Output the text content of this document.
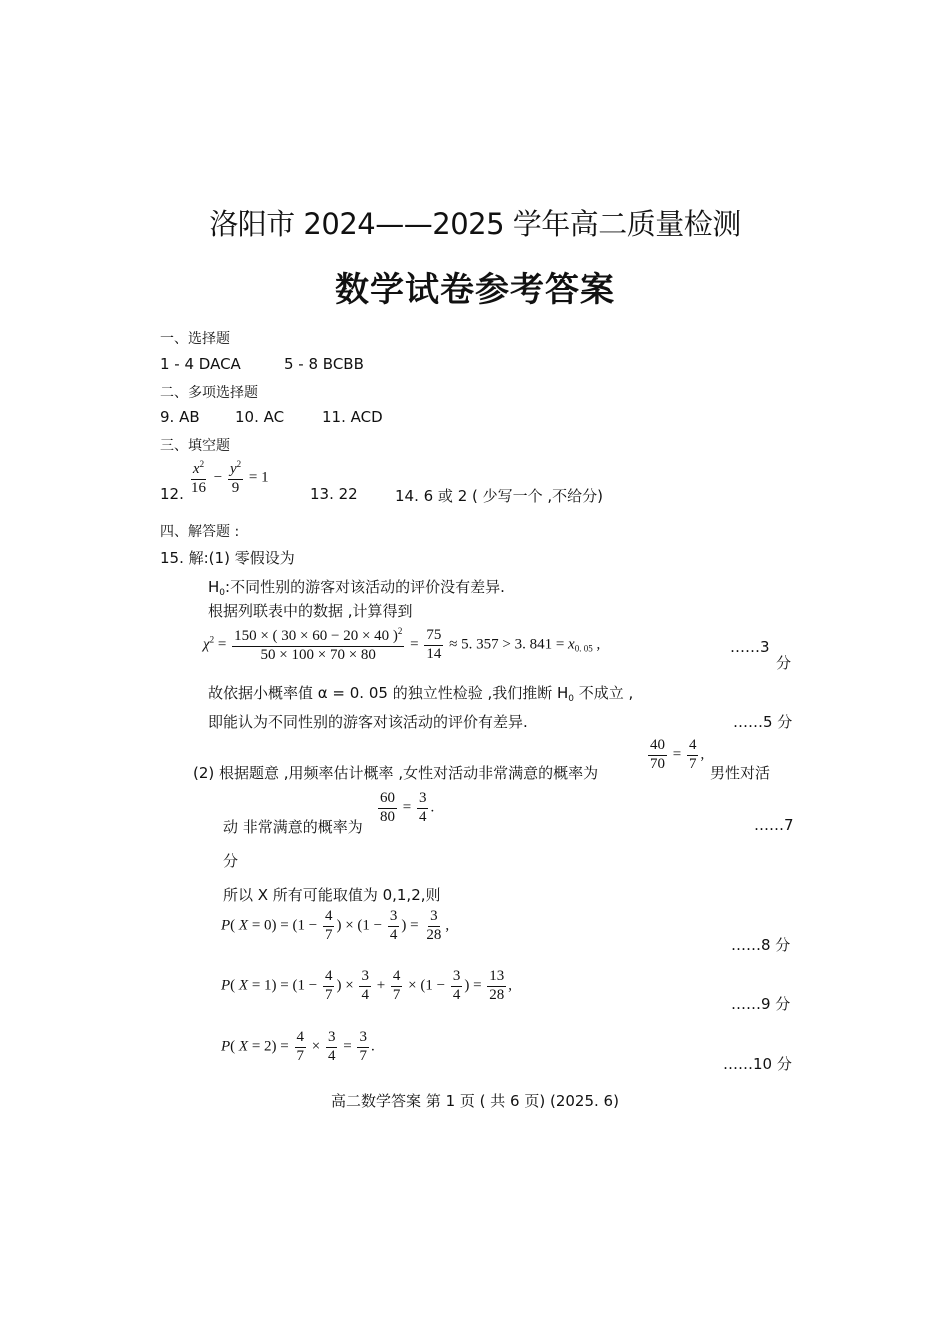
洛阳市 2024——2025 学年高二质量检测
数学试卷参考答案
一、选择题
1 - 4 DACA	5 - 8 BCBB
二、多项选择题
9. AB 10. AC	11. ACD
三、填空题
12. $\frac{x^2}{16} - \frac{y^2}{9} = 1$
13. 22 14. 6 或 2 ( 少写一个 ,不给分)
四、解答题 :
15. 解:(1) 零假设为
$H_0$:不同性别的游客对该活动的评价没有差异.
根据列联表中的数据 ,计算得到
$\chi^2 = \frac{150 \times ( 30 \times 60 - 20 \times 40 )^2}{50 \times 100 \times 70 \times 80} = \frac{75}{14} \approx 5$. 357 > 3. $841 = x_{0. 05}$ ,	……3
分
故依据小概率值 α = 0. 05 的独立性检验 ,我们推断 $H_0$ 不成立 ,
即能认为不同性别的游客对该活动的评价有差异.	……5 分
(2) 根据题意 ,用频率估计概率 ,女性对活动非常满意的概率为
$\frac{40}{70} = \frac{4}{7}$ ,
男性对活
动 非常满意的概率为
$\frac{60}{80} = \frac{3}{4}$ .
……7
分
所以 X 所有可能取值为 0,1,2,则
P( $X = 0) = (1 - \frac{4}{7}$ ) × ($1 - \frac{3}{4}$ ) = $\frac{3}{28}$ ,
……8 分
P( $X = 1) = (1 - \frac{4}{7}$ ) × $\frac{3}{4} + \frac{4}{7} \times (1 - \frac{3}{4}$ ) = $\frac{13}{28}$ ,
……9 分
P( $X = 2) = \frac{4}{7} \times \frac{3}{4} = \frac{3}{7}$ .
……10 分
高二数学答案 第 1 页 ( 共 6 页) (2025. 6)
